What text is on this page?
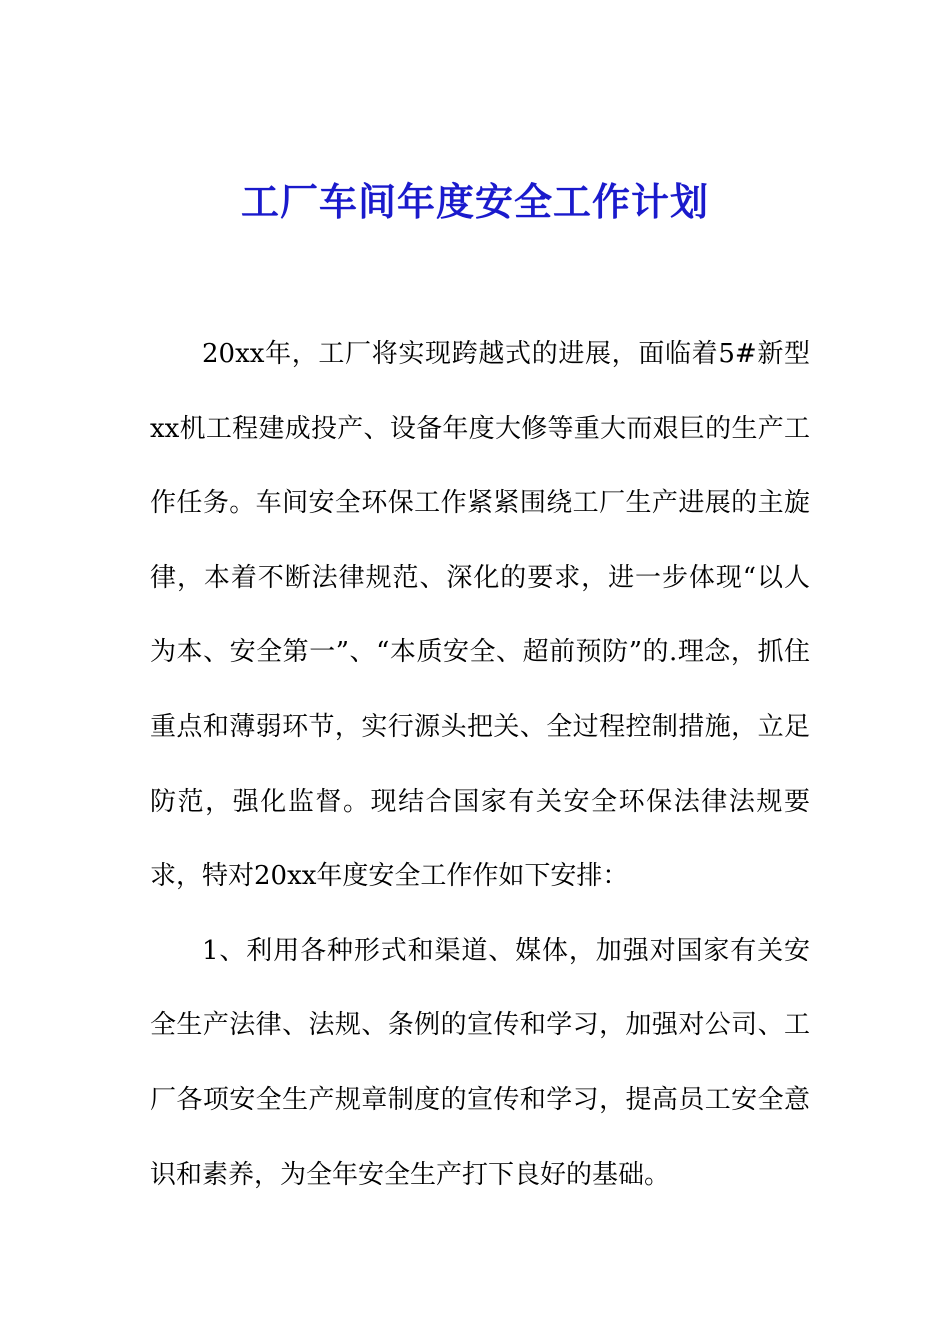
工厂车间年度安全工作计划

20xx年，工厂将实现跨越式的进展，面临着5#新型xx机工程建成投产、设备年度大修等重大而艰巨的生产工作任务。车间安全环保工作紧紧围绕工厂生产进展的主旋律，本着不断法律规范、深化的要求，进一步体现“以人为本、安全第一”、“本质安全、超前预防”的.理念，抓住重点和薄弱环节，实行源头把关、全过程控制措施，立足防范，强化监督。现结合国家有关安全环保法律法规要求，特对20xx年度安全工作作如下安排：

1、利用各种形式和渠道、媒体，加强对国家有关安全生产法律、法规、条例的宣传和学习，加强对公司、工厂各项安全生产规章制度的宣传和学习，提高员工安全意识和素养，为全年安全生产打下良好的基础。
